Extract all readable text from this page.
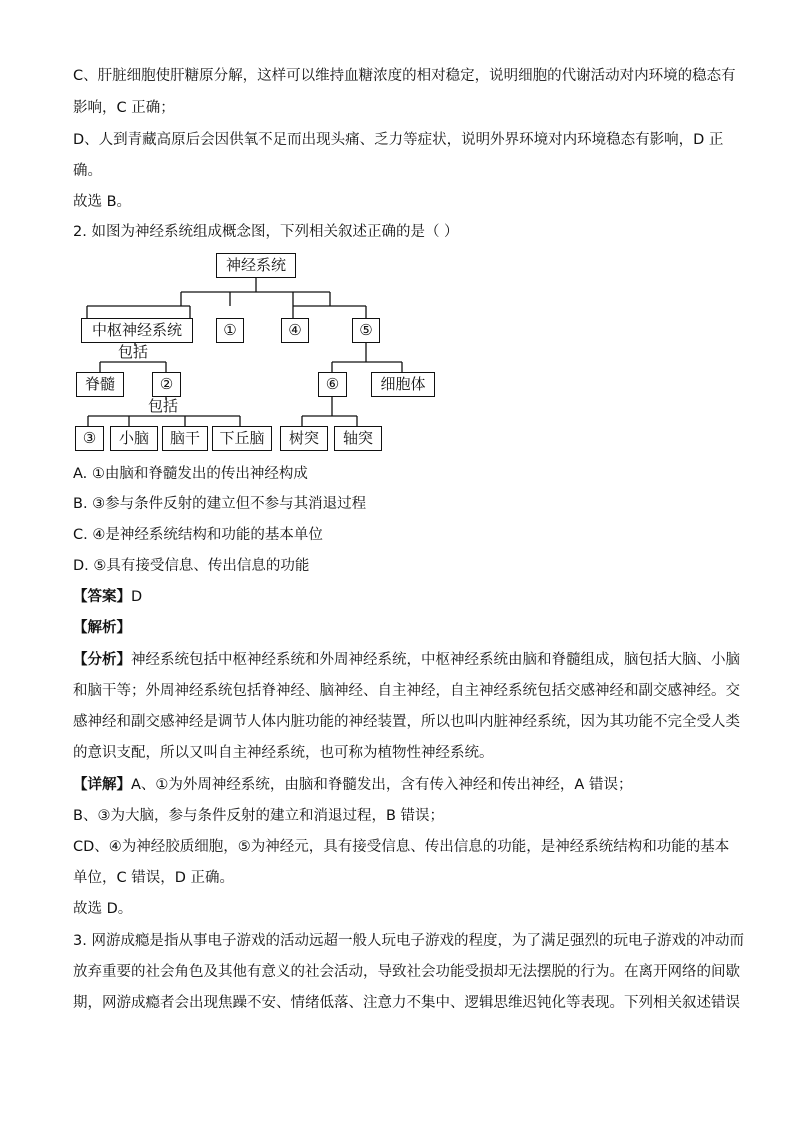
C、肝脏细胞使肝糖原分解，这样可以维持血糖浓度的相对稳定，说明细胞的代谢活动对内环境的稳态有
影响，C 正确；
D、人到青藏高原后会因供氧不足而出现头痛、乏力等症状，说明外界环境对内环境稳态有影响，D 正
确。
故选 B。
2. 如图为神经系统组成概念图，下列相关叙述正确的是（ ）
神经系统
中枢神经系统	①	④	⑤
包括
脊髓	②	⑥	细胞体
包括
③	小脑	脑干	下丘脑	树突	轴突
A. ①由脑和脊髓发出的传出神经构成
B. ③参与条件反射的建立但不参与其消退过程
C. ④是神经系统结构和功能的基本单位
D. ⑤具有接受信息、传出信息的功能
【答案】D
【解析】
【分析】神经系统包括中枢神经系统和外周神经系统，中枢神经系统由脑和脊髓组成，脑包括大脑、小脑
和脑干等；外周神经系统包括脊神经、脑神经、自主神经，自主神经系统包括交感神经和副交感神经。交
感神经和副交感神经是调节人体内脏功能的神经装置，所以也叫内脏神经系统，因为其功能不完全受人类
的意识支配，所以又叫自主神经系统，也可称为植物性神经系统。
【详解】A、①为外周神经系统，由脑和脊髓发出，含有传入神经和传出神经，A 错误；
B、③为大脑，参与条件反射的建立和消退过程，B 错误；
CD、④为神经胶质细胞，⑤为神经元，具有接受信息、传出信息的功能，是神经系统结构和功能的基本
单位，C 错误，D 正确。
故选 D。
3. 网游成瘾是指从事电子游戏的活动远超一般人玩电子游戏的程度，为了满足强烈的玩电子游戏的冲动而
放弃重要的社会角色及其他有意义的社会活动，导致社会功能受损却无法摆脱的行为。在离开网络的间歇
期，网游成瘾者会出现焦躁不安、情绪低落、注意力不集中、逻辑思维迟钝化等表现。下列相关叙述错误
